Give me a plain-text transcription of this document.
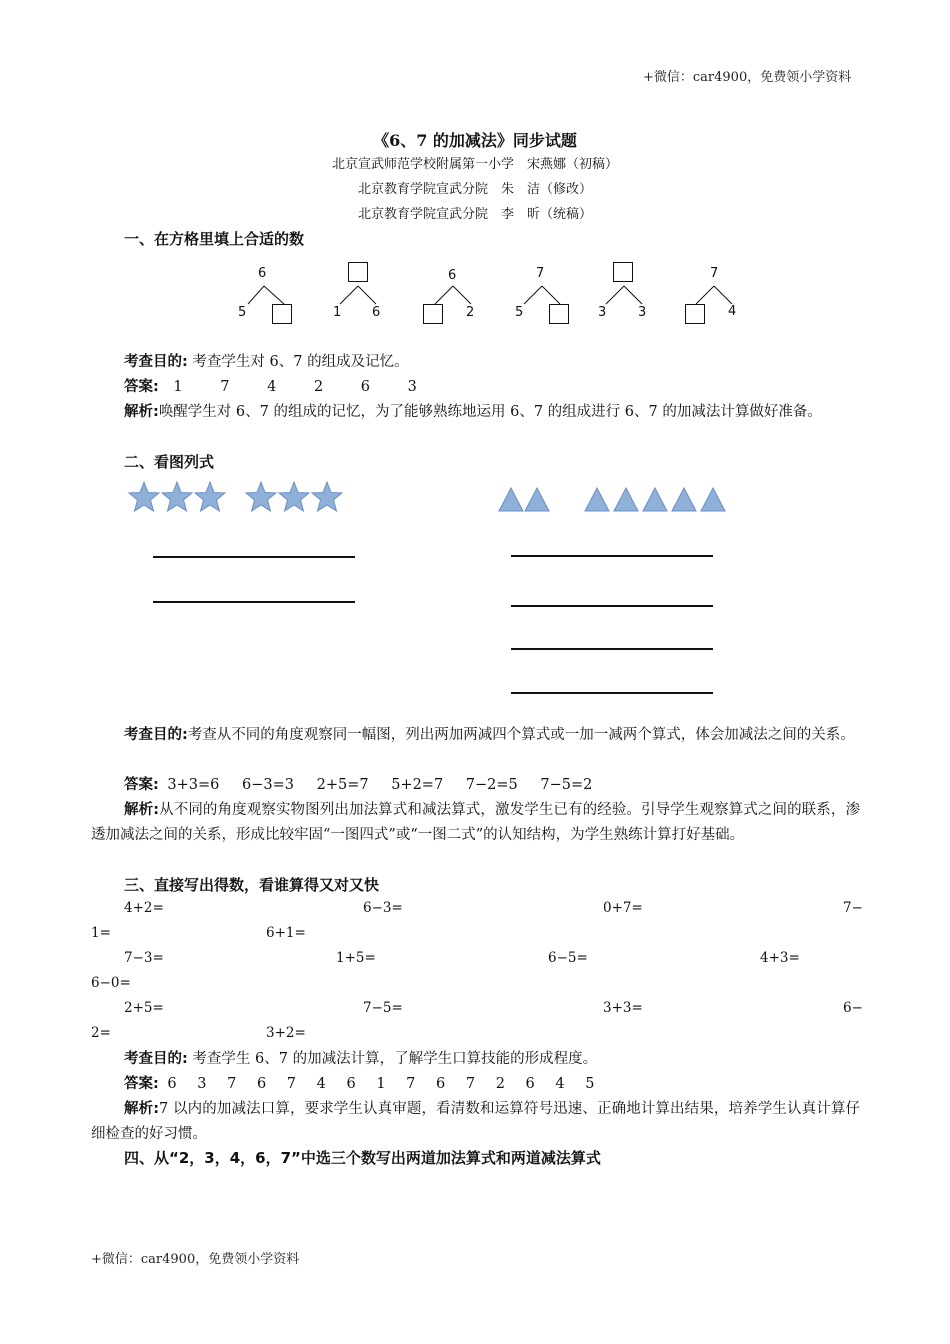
+微信：car4900，免费领小学资料
+微信：car4900，免费领小学资料
《6、7 的加减法》同步试题
北京宣武师范学校附属第一小学　宋燕娜（初稿）
北京教育学院宣武分院　朱　洁（修改）
北京教育学院宣武分院　李　昕（统稿）
一、在方格里填上合适的数
6
5	1 6
6
2
7
5	3 3
7
4
考查目的: 考查学生对 6、7 的组成及记忆。
答案: 1	7	4	2	6	3
解析:唤醒学生对 6、7 的组成的记忆，为了能够熟练地运用 6、7 的组成进行 6、7 的加减法计算做好准备。
二、看图列式
考查目的:考查从不同的角度观察同一幅图，列出两加两减四个算式或一加一减两个算式，体会加减法之间的关系。
答案: 3+3=6 6−3=3 2+5=7 5+2=7 7−2=5 7−5=2
解析:从不同的角度观察实物图列出加法算式和减法算式，激发学生已有的经验。引导学生观察算式之间的联系，渗透加减法之间的关系，形成比较牢固“一图四式”或“一图二式”的认知结构，为学生熟练计算打好基础。
三、直接写出得数，看谁算得又对又快
4+2=	6−3=	0+7=	7−
1=	6+1=
7−3=	1+5=	6−5=	4+3=
6−0=
2+5=	7−5=	3+3=	6−
2=	3+2=
考查目的: 考查学生 6、7 的加减法计算，了解学生口算技能的形成程度。
答案: 6 3 7 6 7 4 6 1 7 6 7 2 6 4 5
解析:7 以内的加减法口算，要求学生认真审题，看清数和运算符号迅速、正确地计算出结果，培养学生认真计算仔细检查的好习惯。
四、从“2，3，4，6，7”中选三个数写出两道加法算式和两道减法算式
